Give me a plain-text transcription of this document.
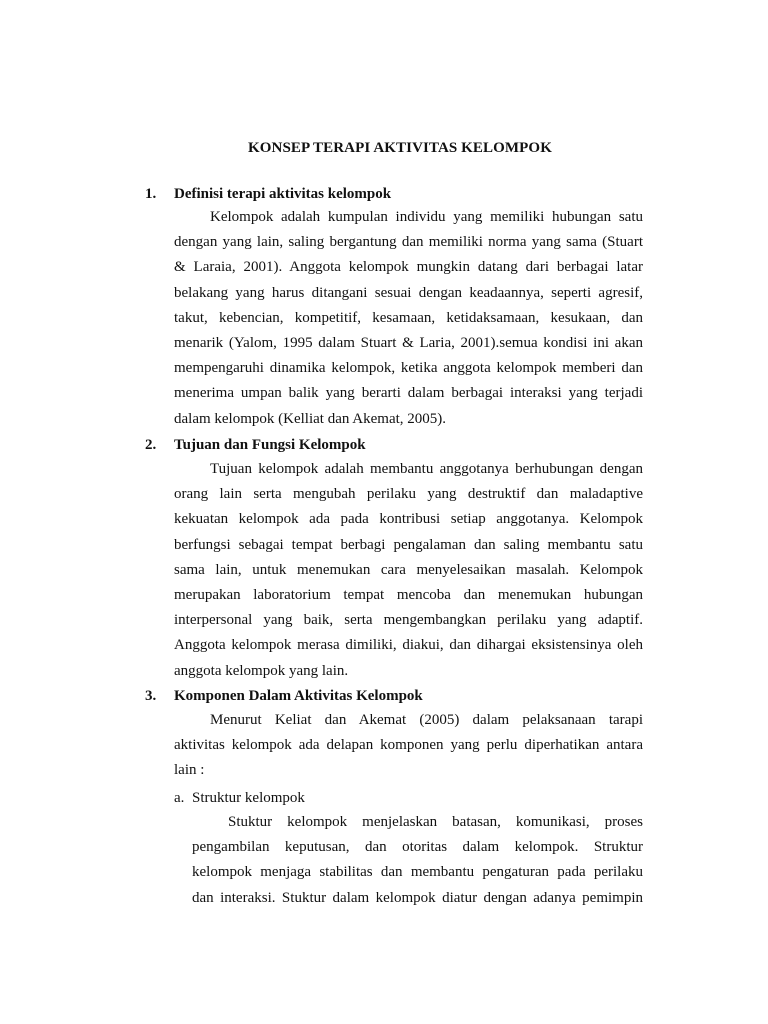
KONSEP TERAPI AKTIVITAS KELOMPOK
1. Definisi terapi aktivitas kelompok
Kelompok adalah kumpulan individu yang memiliki hubungan satu
dengan yang lain, saling bergantung dan memiliki norma yang sama (Stuart
& Laraia, 2001). Anggota kelompok mungkin datang dari berbagai latar
belakang yang harus ditangani sesuai dengan keadaannya, seperti agresif,
takut, kebencian, kompetitif, kesamaan, ketidaksamaan, kesukaan, dan
menarik (Yalom, 1995 dalam Stuart & Laria, 2001).semua kondisi ini akan
mempengaruhi dinamika kelompok, ketika anggota kelompok memberi dan
menerima umpan balik yang berarti dalam berbagai interaksi yang terjadi
dalam kelompok (Kelliat dan Akemat, 2005).
2. Tujuan dan Fungsi Kelompok
Tujuan kelompok adalah membantu anggotanya berhubungan dengan
orang lain serta mengubah perilaku yang destruktif dan maladaptive
kekuatan kelompok ada pada kontribusi setiap anggotanya. Kelompok
berfungsi sebagai tempat berbagi pengalaman dan saling membantu satu
sama lain, untuk menemukan cara menyelesaikan masalah. Kelompok
merupakan laboratorium tempat mencoba dan menemukan hubungan
interpersonal yang baik, serta mengembangkan perilaku yang adaptif.
Anggota kelompok merasa dimiliki, diakui, dan dihargai eksistensinya oleh
anggota kelompok yang lain.
3. Komponen Dalam Aktivitas Kelompok
Menurut Keliat dan Akemat (2005) dalam pelaksanaan tarapi
aktivitas kelompok ada delapan komponen yang perlu diperhatikan antara
lain :
a. Struktur kelompok
Stuktur kelompok menjelaskan batasan, komunikasi, proses
pengambilan keputusan, dan otoritas dalam kelompok. Struktur
kelompok menjaga stabilitas dan membantu pengaturan pada perilaku
dan interaksi. Stuktur dalam kelompok diatur dengan adanya pemimpin
